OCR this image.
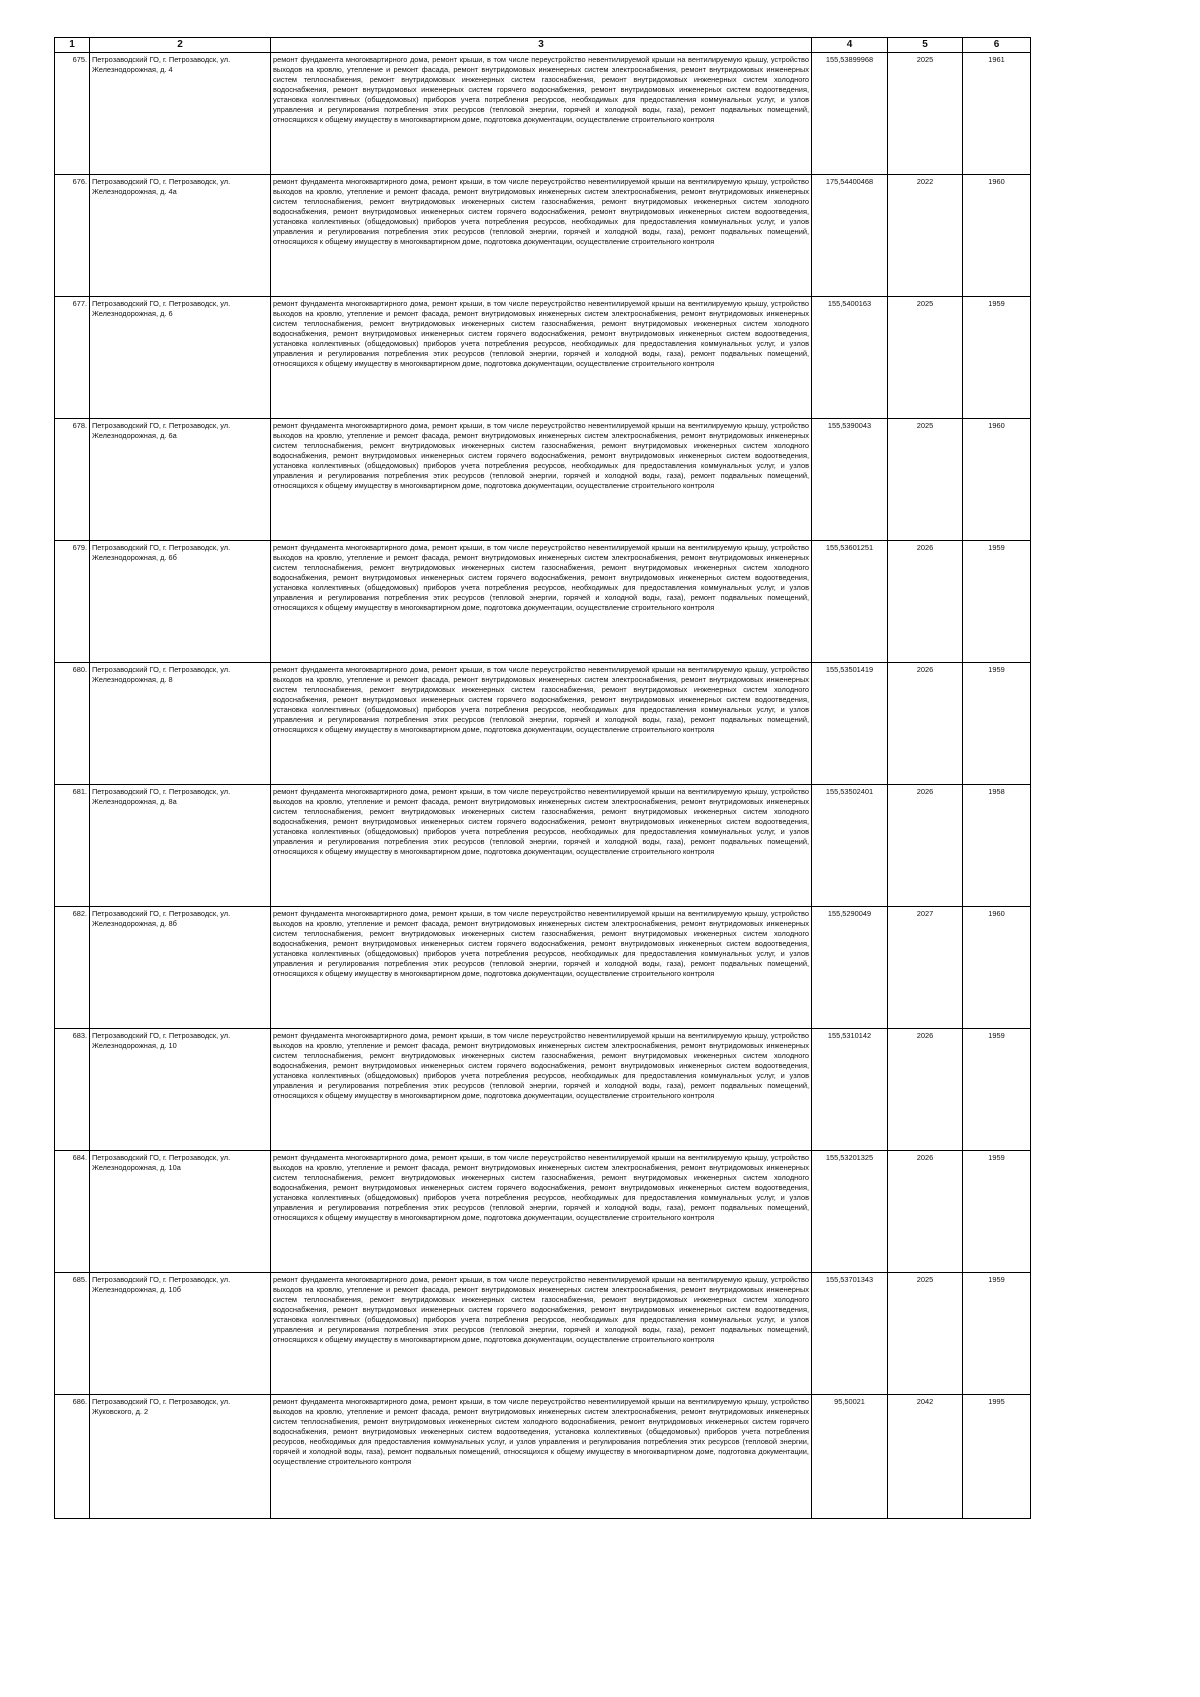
1	2	3	4	5	6
675.	Петрозаводский ГО, г. Петрозаводск, ул. Железнодорожная, д. 4	ремонт фундамента многоквартирного дома, ремонт крыши, в том числе переустройство невентилируемой крыши на вентилируемую крышу, устройство выходов на кровлю, утепление и ремонт фасада, ремонт внутридомовых инженерных систем электроснабжения, ремонт внутридомовых инженерных систем теплоснабжения, ремонт внутридомовых инженерных систем газоснабжения, ремонт внутридомовых инженерных систем холодного водоснабжения, ремонт внутридомовых инженерных систем горячего водоснабжения, ремонт внутридомовых инженерных систем водоотведения, установка коллективных (общедомовых) приборов учета потребления ресурсов, необходимых для предоставления коммунальных услуг, и узлов управления и регулирования потребления этих ресурсов (тепловой энергии, горячей и холодной воды, газа), ремонт подвальных помещений, относящихся к общему имуществу в многоквартирном доме, подготовка документации, осуществление строительного контроля	155,53899968	2025	1961
676.	Петрозаводский ГО, г. Петрозаводск, ул. Железнодорожная, д. 4а	ремонт фундамента многоквартирного дома, ремонт крыши, в том числе переустройство невентилируемой крыши на вентилируемую крышу, устройство выходов на кровлю, утепление и ремонт фасада, ремонт внутридомовых инженерных систем электроснабжения, ремонт внутридомовых инженерных систем теплоснабжения, ремонт внутридомовых инженерных систем газоснабжения, ремонт внутридомовых инженерных систем холодного водоснабжения, ремонт внутридомовых инженерных систем горячего водоснабжения, ремонт внутридомовых инженерных систем водоотведения, установка коллективных (общедомовых) приборов учета потребления ресурсов, необходимых для предоставления коммунальных услуг, и узлов управления и регулирования потребления этих ресурсов (тепловой энергии, горячей и холодной воды, газа), ремонт подвальных помещений, относящихся к общему имуществу в многоквартирном доме, подготовка документации, осуществление строительного контроля	175,54400468	2022	1960
677.	Петрозаводский ГО, г. Петрозаводск, ул. Железнодорожная, д. 6	ремонт фундамента многоквартирного дома, ремонт крыши, в том числе переустройство невентилируемой крыши на вентилируемую крышу, устройство выходов на кровлю, утепление и ремонт фасада, ремонт внутридомовых инженерных систем электроснабжения, ремонт внутридомовых инженерных систем теплоснабжения, ремонт внутридомовых инженерных систем газоснабжения, ремонт внутридомовых инженерных систем холодного водоснабжения, ремонт внутридомовых инженерных систем горячего водоснабжения, ремонт внутридомовых инженерных систем водоотведения, установка коллективных (общедомовых) приборов учета потребления ресурсов, необходимых для предоставления коммунальных услуг, и узлов управления и регулирования потребления этих ресурсов (тепловой энергии, горячей и холодной воды, газа), ремонт подвальных помещений, относящихся к общему имуществу в многоквартирном доме, подготовка документации, осуществление строительного контроля	155,5400163	2025	1959
678.	Петрозаводский ГО, г. Петрозаводск, ул. Железнодорожная, д. 6а	ремонт фундамента многоквартирного дома, ремонт крыши, в том числе переустройство невентилируемой крыши на вентилируемую крышу, устройство выходов на кровлю, утепление и ремонт фасада, ремонт внутридомовых инженерных систем электроснабжения, ремонт внутридомовых инженерных систем теплоснабжения, ремонт внутридомовых инженерных систем газоснабжения, ремонт внутридомовых инженерных систем холодного водоснабжения, ремонт внутридомовых инженерных систем горячего водоснабжения, ремонт внутридомовых инженерных систем водоотведения, установка коллективных (общедомовых) приборов учета потребления ресурсов, необходимых для предоставления коммунальных услуг, и узлов управления и регулирования потребления этих ресурсов (тепловой энергии, горячей и холодной воды, газа), ремонт подвальных помещений, относящихся к общему имуществу в многоквартирном доме, подготовка документации, осуществление строительного контроля	155,5390043	2025	1960
679.	Петрозаводский ГО, г. Петрозаводск, ул. Железнодорожная, д. 6б	ремонт фундамента многоквартирного дома, ремонт крыши, в том числе переустройство невентилируемой крыши на вентилируемую крышу, устройство выходов на кровлю, утепление и ремонт фасада, ремонт внутридомовых инженерных систем электроснабжения, ремонт внутридомовых инженерных систем теплоснабжения, ремонт внутридомовых инженерных систем газоснабжения, ремонт внутридомовых инженерных систем холодного водоснабжения, ремонт внутридомовых инженерных систем горячего водоснабжения, ремонт внутридомовых инженерных систем водоотведения, установка коллективных (общедомовых) приборов учета потребления ресурсов, необходимых для предоставления коммунальных услуг, и узлов управления и регулирования потребления этих ресурсов (тепловой энергии, горячей и холодной воды, газа), ремонт подвальных помещений, относящихся к общему имуществу в многоквартирном доме, подготовка документации, осуществление строительного контроля	155,53601251	2026	1959
680.	Петрозаводский ГО, г. Петрозаводск, ул. Железнодорожная, д. 8	ремонт фундамента многоквартирного дома, ремонт крыши, в том числе переустройство невентилируемой крыши на вентилируемую крышу, устройство выходов на кровлю, утепление и ремонт фасада, ремонт внутридомовых инженерных систем электроснабжения, ремонт внутридомовых инженерных систем теплоснабжения, ремонт внутридомовых инженерных систем газоснабжения, ремонт внутридомовых инженерных систем холодного водоснабжения, ремонт внутридомовых инженерных систем горячего водоснабжения, ремонт внутридомовых инженерных систем водоотведения, установка коллективных (общедомовых) приборов учета потребления ресурсов, необходимых для предоставления коммунальных услуг, и узлов управления и регулирования потребления этих ресурсов (тепловой энергии, горячей и холодной воды, газа), ремонт подвальных помещений, относящихся к общему имуществу в многоквартирном доме, подготовка документации, осуществление строительного контроля	155,53501419	2026	1959
681.	Петрозаводский ГО, г. Петрозаводск, ул. Железнодорожная, д. 8а	ремонт фундамента многоквартирного дома, ремонт крыши, в том числе переустройство невентилируемой крыши на вентилируемую крышу, устройство выходов на кровлю, утепление и ремонт фасада, ремонт внутридомовых инженерных систем электроснабжения, ремонт внутридомовых инженерных систем теплоснабжения, ремонт внутридомовых инженерных систем газоснабжения, ремонт внутридомовых инженерных систем холодного водоснабжения, ремонт внутридомовых инженерных систем горячего водоснабжения, ремонт внутридомовых инженерных систем водоотведения, установка коллективных (общедомовых) приборов учета потребления ресурсов, необходимых для предоставления коммунальных услуг, и узлов управления и регулирования потребления этих ресурсов (тепловой энергии, горячей и холодной воды, газа), ремонт подвальных помещений, относящихся к общему имуществу в многоквартирном доме, подготовка документации, осуществление строительного контроля	155,53502401	2026	1958
682.	Петрозаводский ГО, г. Петрозаводск, ул. Железнодорожная, д. 8б	ремонт фундамента многоквартирного дома, ремонт крыши, в том числе переустройство невентилируемой крыши на вентилируемую крышу, устройство выходов на кровлю, утепление и ремонт фасада, ремонт внутридомовых инженерных систем электроснабжения, ремонт внутридомовых инженерных систем теплоснабжения, ремонт внутридомовых инженерных систем газоснабжения, ремонт внутридомовых инженерных систем холодного водоснабжения, ремонт внутридомовых инженерных систем горячего водоснабжения, ремонт внутридомовых инженерных систем водоотведения, установка коллективных (общедомовых) приборов учета потребления ресурсов, необходимых для предоставления коммунальных услуг, и узлов управления и регулирования потребления этих ресурсов (тепловой энергии, горячей и холодной воды, газа), ремонт подвальных помещений, относящихся к общему имуществу в многоквартирном доме, подготовка документации, осуществление строительного контроля	155,5290049	2027	1960
683.	Петрозаводский ГО, г. Петрозаводск, ул. Железнодорожная, д. 10	ремонт фундамента многоквартирного дома, ремонт крыши, в том числе переустройство невентилируемой крыши на вентилируемую крышу, устройство выходов на кровлю, утепление и ремонт фасада, ремонт внутридомовых инженерных систем электроснабжения, ремонт внутридомовых инженерных систем теплоснабжения, ремонт внутридомовых инженерных систем газоснабжения, ремонт внутридомовых инженерных систем холодного водоснабжения, ремонт внутридомовых инженерных систем горячего водоснабжения, ремонт внутридомовых инженерных систем водоотведения, установка коллективных (общедомовых) приборов учета потребления ресурсов, необходимых для предоставления коммунальных услуг, и узлов управления и регулирования потребления этих ресурсов (тепловой энергии, горячей и холодной воды, газа), ремонт подвальных помещений, относящихся к общему имуществу в многоквартирном доме, подготовка документации, осуществление строительного контроля	155,5310142	2026	1959
684.	Петрозаводский ГО, г. Петрозаводск, ул. Железнодорожная, д. 10а	ремонт фундамента многоквартирного дома, ремонт крыши, в том числе переустройство невентилируемой крыши на вентилируемую крышу, устройство выходов на кровлю, утепление и ремонт фасада, ремонт внутридомовых инженерных систем электроснабжения, ремонт внутридомовых инженерных систем теплоснабжения, ремонт внутридомовых инженерных систем газоснабжения, ремонт внутридомовых инженерных систем холодного водоснабжения, ремонт внутридомовых инженерных систем горячего водоснабжения, ремонт внутридомовых инженерных систем водоотведения, установка коллективных (общедомовых) приборов учета потребления ресурсов, необходимых для предоставления коммунальных услуг, и узлов управления и регулирования потребления этих ресурсов (тепловой энергии, горячей и холодной воды, газа), ремонт подвальных помещений, относящихся к общему имуществу в многоквартирном доме, подготовка документации, осуществление строительного контроля	155,53201325	2026	1959
685.	Петрозаводский ГО, г. Петрозаводск, ул. Железнодорожная, д. 10б	ремонт фундамента многоквартирного дома, ремонт крыши, в том числе переустройство невентилируемой крыши на вентилируемую крышу, устройство выходов на кровлю, утепление и ремонт фасада, ремонт внутридомовых инженерных систем электроснабжения, ремонт внутридомовых инженерных систем теплоснабжения, ремонт внутридомовых инженерных систем газоснабжения, ремонт внутридомовых инженерных систем холодного водоснабжения, ремонт внутридомовых инженерных систем горячего водоснабжения, ремонт внутридомовых инженерных систем водоотведения, установка коллективных (общедомовых) приборов учета потребления ресурсов, необходимых для предоставления коммунальных услуг, и узлов управления и регулирования потребления этих ресурсов (тепловой энергии, горячей и холодной воды, газа), ремонт подвальных помещений, относящихся к общему имуществу в многоквартирном доме, подготовка документации, осуществление строительного контроля	155,53701343	2025	1959
686.	Петрозаводский ГО, г. Петрозаводск, ул. Жуковского, д. 2	ремонт фундамента многоквартирного дома, ремонт крыши, в том числе переустройство невентилируемой крыши на вентилируемую крышу, устройство выходов на кровлю, утепление и ремонт фасада, ремонт внутридомовых инженерных систем электроснабжения, ремонт внутридомовых инженерных систем теплоснабжения, ремонт внутридомовых инженерных систем холодного водоснабжения, ремонт внутридомовых инженерных систем горячего водоснабжения, ремонт внутридомовых инженерных систем водоотведения, установка коллективных (общедомовых) приборов учета потребления ресурсов, необходимых для предоставления коммунальных услуг, и узлов управления и регулирования потребления этих ресурсов (тепловой энергии, горячей и холодной воды, газа), ремонт подвальных помещений, относящихся к общему имуществу в многоквартирном доме, подготовка документации, осуществление строительного контроля	95,50021	2042	1995
